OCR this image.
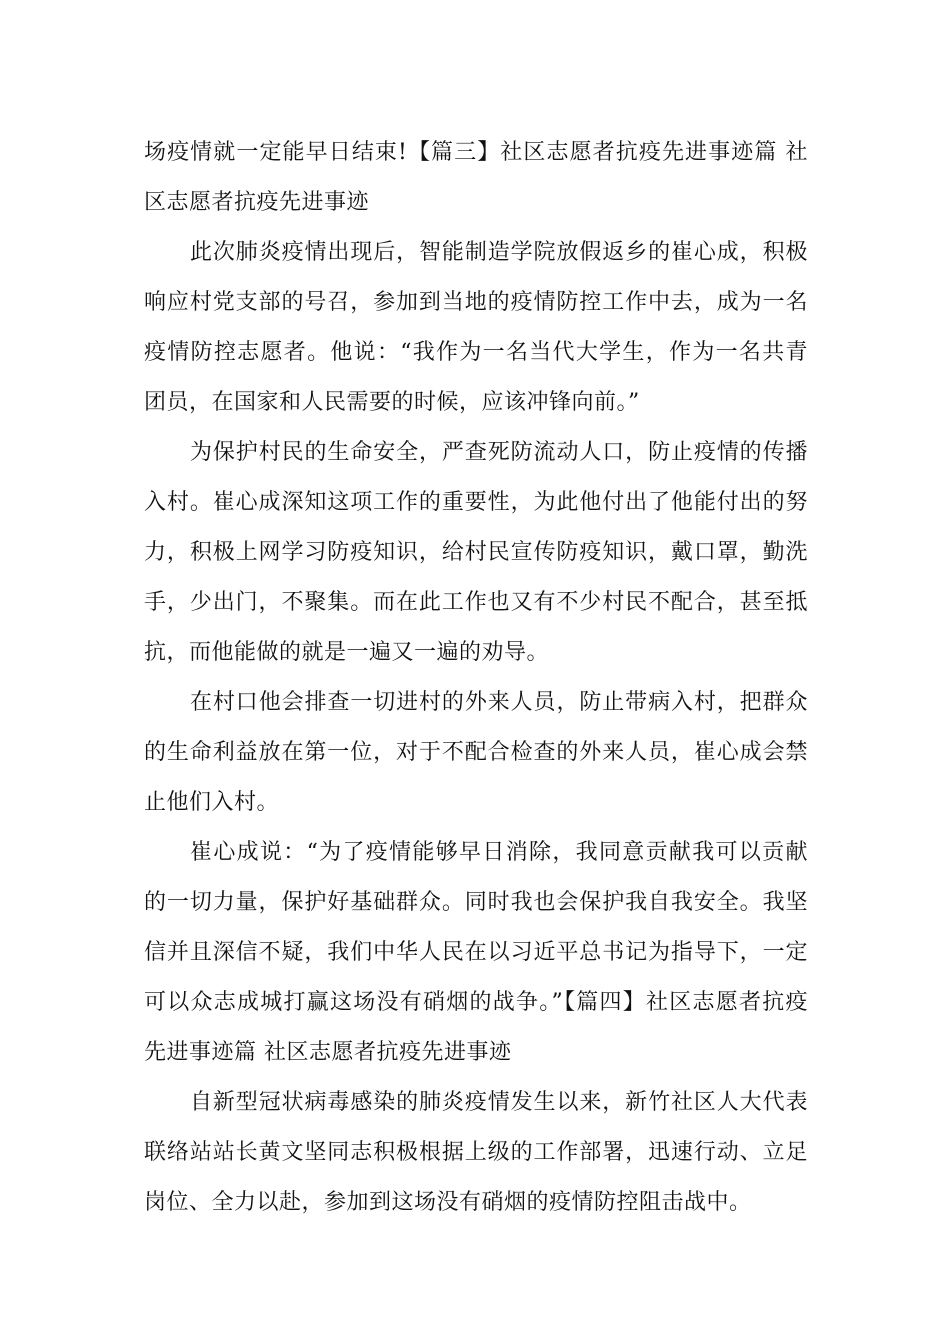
场疫情就一定能早日结束!【篇三】社区志愿者抗疫先进事迹篇 社区志愿者抗疫先进事迹

此次肺炎疫情出现后，智能制造学院放假返乡的崔心成，积极响应村党支部的号召，参加到当地的疫情防控工作中去，成为一名疫情防控志愿者。他说：“我作为一名当代大学生，作为一名共青团员，在国家和人民需要的时候，应该冲锋向前。”

为保护村民的生命安全，严查死防流动人口，防止疫情的传播入村。崔心成深知这项工作的重要性，为此他付出了他能付出的努力，积极上网学习防疫知识，给村民宣传防疫知识，戴口罩，勤洗手，少出门，不聚集。而在此工作也又有不少村民不配合，甚至抵抗，而他能做的就是一遍又一遍的劝导。

在村口他会排查一切进村的外来人员，防止带病入村，把群众的生命利益放在第一位，对于不配合检查的外来人员，崔心成会禁止他们入村。

崔心成说：“为了疫情能够早日消除，我同意贡献我可以贡献的一切力量，保护好基础群众。同时我也会保护我自我安全。我坚信并且深信不疑，我们中华人民在以习近平总书记为指导下，一定可以众志成城打赢这场没有硝烟的战争。”【篇四】社区志愿者抗疫先进事迹篇 社区志愿者抗疫先进事迹

自新型冠状病毒感染的肺炎疫情发生以来，新竹社区人大代表联络站站长黄文坚同志积极根据上级的工作部署，迅速行动、立足岗位、全力以赴，参加到这场没有硝烟的疫情防控阻击战中。
